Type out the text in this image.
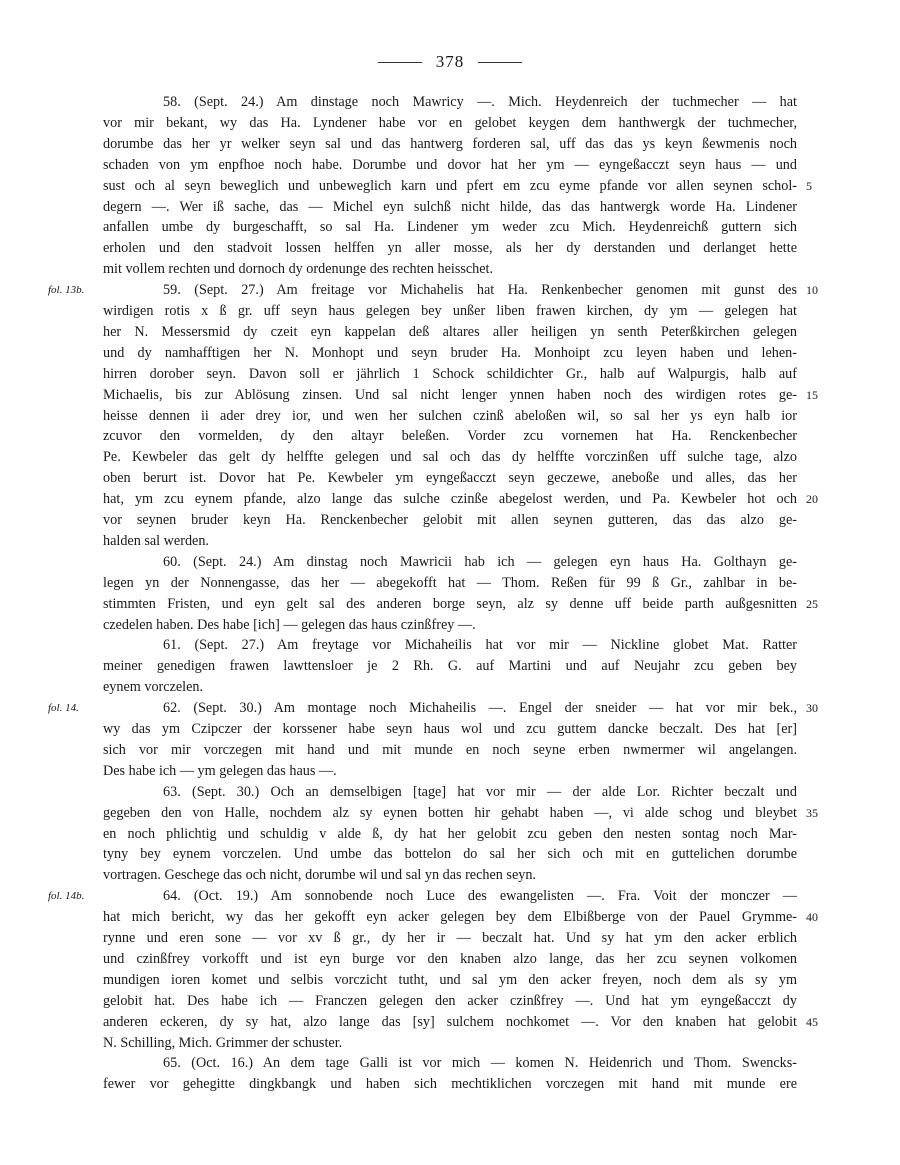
378
58. (Sept. 24.) Am dinstage noch Mawricy —. Mich. Heydenreich der tuchmecher — hat
vor mir bekant, wy das Ha. Lyndener habe vor en gelobet keygen dem hanthwergk der tuchmecher,
dorumbe das her yr welker seyn sal und das hantwerg forderen sal, uff das das ys keyn ßewmenis noch
schaden von ym enpfhoe noch habe. Dorumbe und dovor hat her ym — eyngeßacczt seyn haus — und
sust och al seyn beweglich und unbeweglich karn und pfert em zcu eyme pfande vor allen seynen schol-
degern —. Wer iß sache, das — Michel eyn sulchß nicht hilde, das das hantwergk worde Ha. Lindener
anfallen umbe dy burgeschafft, so sal Ha. Lindener ym weder zcu Mich. Heydenreichß guttern sich
erholen und den stadvoit lossen helffen yn aller mosse, als her dy derstanden und derlanget hette
mit vollem rechten und dornoch dy ordenunge des rechten heisschet.
59. (Sept. 27.) Am freitage vor Michahelis hat Ha. Renkenbecher genomen mit gunst des
wirdigen rotis x ß gr. uff seyn haus gelegen bey unßer liben frawen kirchen, dy ym — gelegen hat
her N. Messersmid dy czeit eyn kappelan deß altares aller heiligen yn senth Peterßkirchen gelegen
und dy namhafftigen her N. Monhopt und seyn bruder Ha. Monhoipt zcu leyen haben und lehen-
hirren dorober seyn. Davon soll er jährlich 1 Schock schildichter Gr., halb auf Walpurgis, halb auf
Michaelis, bis zur Ablösung zinsen. Und sal nicht lenger ynnen haben noch des wirdigen rotes ge-
heisse dennen ii ader drey ior, und wen her sulchen czinß abeloßen wil, so sal her ys eyn halb ior
zcuvor den vormelden, dy den altayr beleßen. Vorder zcu vornemen hat Ha. Renckenbecher
Pe. Kewbeler das gelt dy helffte gelegen und sal och das dy helffte vorczinßen uff sulche tage, alzo
oben berurt ist. Dovor hat Pe. Kewbeler ym eyngeßacczt seyn geczewe, aneboße und alles, das her
hat, ym zcu eynem pfande, alzo lange das sulche czinße abegelost werden, und Pa. Kewbeler hot och
vor seynen bruder keyn Ha. Renckenbecher gelobit mit allen seynen gutteren, das das alzo ge-
halden sal werden.
60. (Sept. 24.) Am dinstag noch Mawricii hab ich — gelegen eyn haus Ha. Golthayn ge-
legen yn der Nonnengasse, das her — abegekofft hat — Thom. Reßen für 99 ß Gr., zahlbar in be-
stimmten Fristen, und eyn gelt sal des anderen borge seyn, alz sy denne uff beide parth außgesnitten
czedelen haben. Des habe [ich] — gelegen das haus czinßfrey —.
61. (Sept. 27.) Am freytage vor Michaheilis hat vor mir — Nickline globet Mat. Ratter
meiner genedigen frawen lawttensloer je 2 Rh. G. auf Martini und auf Neujahr zcu geben bey
eynem vorczelen.
62. (Sept. 30.) Am montage noch Michaheilis —. Engel der sneider — hat vor mir bek.,
wy das ym Czipczer der korssener habe seyn haus wol und zcu guttem dancke beczalt. Des hat [er]
sich vor mir vorczegen mit hand und mit munde en noch seyne erben nwmermer wil angelangen.
Des habe ich — ym gelegen das haus —.
63. (Sept. 30.) Och an demselbigen [tage] hat vor mir — der alde Lor. Richter beczalt und
gegeben den von Halle, nochdem alz sy eynen botten hir gehabt haben —, vi alde schog und bleybet
en noch phlichtig und schuldig v alde ß, dy hat her gelobit zcu geben den nesten sontag noch Mar-
tyny bey eynem vorczelen. Und umbe das bottelon do sal her sich och mit en guttelichen dorumbe
vortragen. Geschege das och nicht, dorumbe wil und sal yn das rechen seyn.
64. (Oct. 19.) Am sonnobende noch Luce des ewangelisten —. Fra. Voit der monczer —
hat mich bericht, wy das her gekofft eyn acker gelegen bey dem Elbißberge von der Pauel Grymme-
rynne und eren sone — vor xv ß gr., dy her ir — beczalt hat. Und sy hat ym den acker erblich
und czinßfrey vorkofft und ist eyn burge vor den knaben alzo lange, das her zcu seynen volkomen
mundigen ioren komet und selbis vorczicht tutht, und sal ym den acker freyen, noch dem als sy ym
gelobit hat. Des habe ich — Franczen gelegen den acker czinßfrey —. Und hat ym eyngeßacczt dy
anderen eckeren, dy sy hat, alzo lange das [sy] sulchem nochkomet —. Vor den knaben hat gelobit
N. Schilling, Mich. Grimmer der schuster.
65. (Oct. 16.) An dem tage Galli ist vor mich — komen N. Heidenrich und Thom. Swencks-
fewer vor gehegitte dingkbangk und haben sich mechtiklichen vorczegen mit hand mit munde ere
5
10
15
20
25
30
35
40
45
fol. 13b.
fol. 14.
fol. 14b.
